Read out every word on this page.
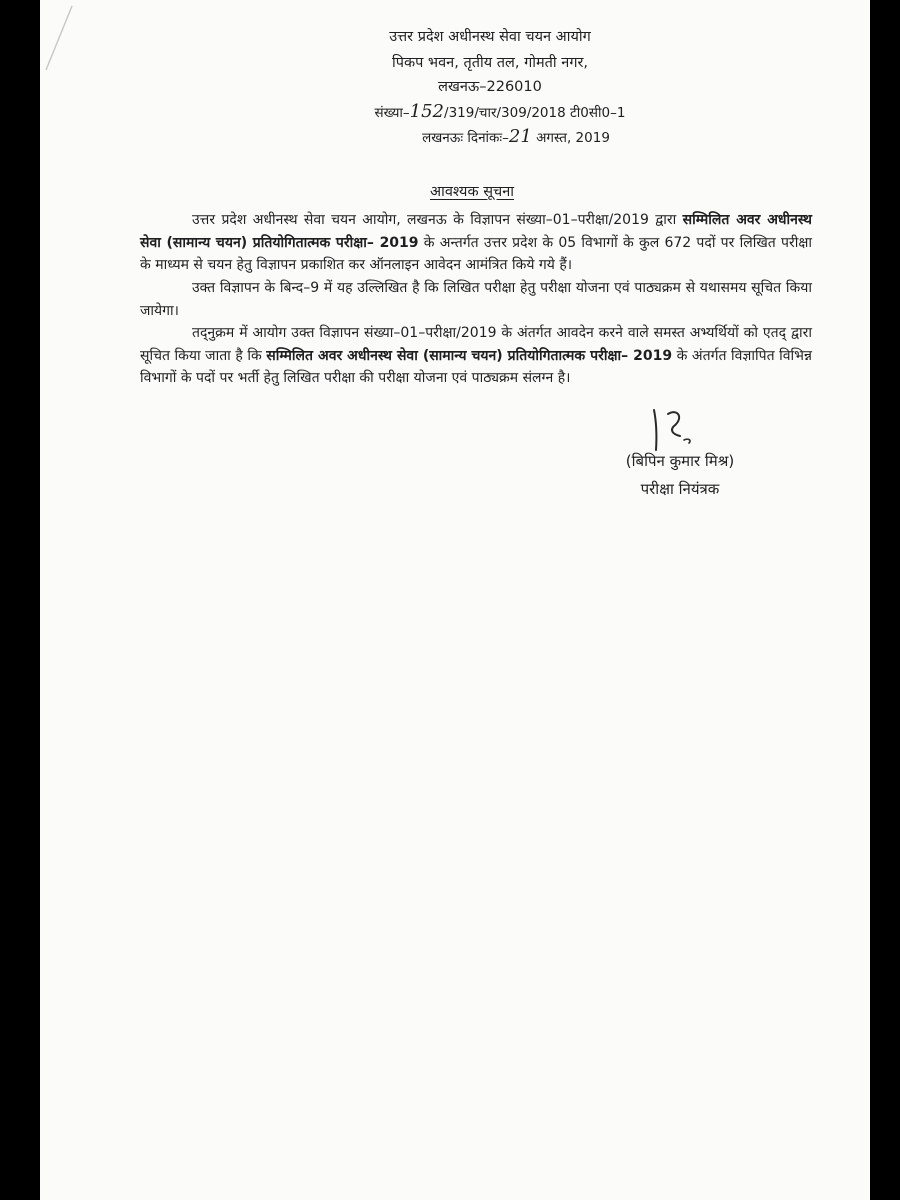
उत्तर प्रदेश अधीनस्थ सेवा चयन आयोग
पिकप भवन, तृतीय तल, गोमती नगर,
लखनऊ–226010
संख्या–152/319/चार/309/2018 टी0सी0–1
लखनऊः दिनांकः–21 अगस्त, 2019
आवश्यक सूचना
उत्तर प्रदेश अधीनस्थ सेवा चयन आयोग, लखनऊ के विज्ञापन संख्या–01–परीक्षा/2019 द्वारा सम्मिलित अवर अधीनस्थ सेवा (सामान्य चयन) प्रतियोगितात्मक परीक्षा– 2019 के अन्तर्गत उत्तर प्रदेश के 05 विभागों के कुल 672 पदों पर लिखित परीक्षा के माध्यम से चयन हेतु विज्ञापन प्रकाशित कर ऑनलाइन आवेदन आमंत्रित किये गये हैं।
उक्त विज्ञापन के बिन्द–9 में यह उल्लिखित है कि लिखित परीक्षा हेतु परीक्षा योजना एवं पाठ्यक्रम से यथासमय सूचित किया जायेगा।
तद्नुक्रम में आयोग उक्त विज्ञापन संख्या–01–परीक्षा/2019 के अंतर्गत आवदेन करने वाले समस्त अभ्यर्थियों को एतद् द्वारा सूचित किया जाता है कि सम्मिलित अवर अधीनस्थ सेवा (सामान्य चयन) प्रतियोगितात्मक परीक्षा– 2019 के अंतर्गत विज्ञापित विभिन्न विभागों के पदों पर भर्ती हेतु लिखित परीक्षा की परीक्षा योजना एवं पाठ्यक्रम संलग्न है।
(बिपिन कुमार मिश्र)
परीक्षा नियंत्रक
